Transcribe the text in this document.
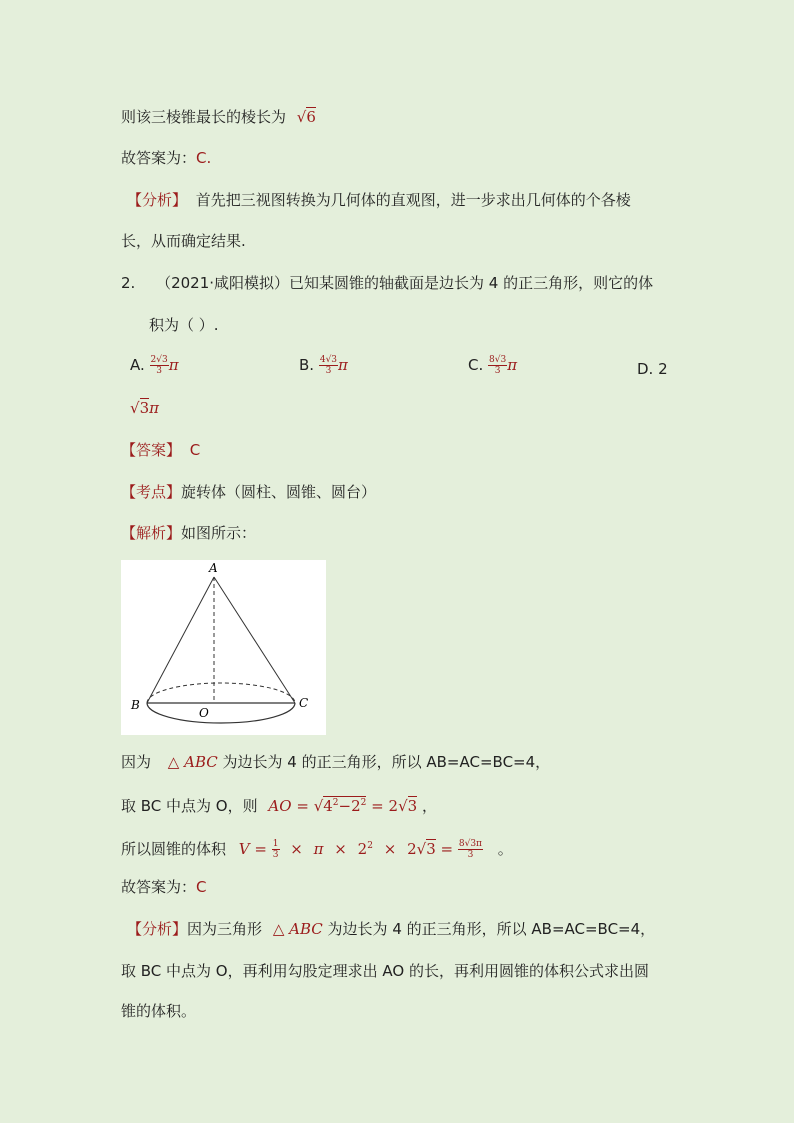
则该三棱锥最长的棱长为 √6
故答案为：C.
【分析】 首先把三视图转换为几何体的直观图，进一步求出几何体的个各棱
长，从而确定结果.
2. （2021·咸阳模拟）已知某圆锥的轴截面是边长为 4 的正三角形，则它的体
积为（ ）.
A. $\frac{2√3}{3}$ π	B. $\frac{4√3}{3}$ π	C. $\frac{8√3}{3}$ π	D. 2
√3π
【答案】 C
【考点】旋转体（圆柱、圆锥、圆台）
【解析】如图所示：
A
B	C
O
因为 △ ABC 为边长为 4 的正三角形，所以 AB=AC=BC=4，
取 BC 中点为 O，则 AO = $√4^2-2^2 = 2√3$ ，
所以圆锥的体积 $V = \frac{1}{3} \times \pi \times 2^2 \times 2√3 = \frac{8√3\pi}{3}$ 。
故答案为：C
【分析】因为三角形 △ ABC 为边长为 4 的正三角形，所以 AB=AC=BC=4，
取 BC 中点为 O，再利用勾股定理求出 AO 的长，再利用圆锥的体积公式求出圆
锥的体积。
